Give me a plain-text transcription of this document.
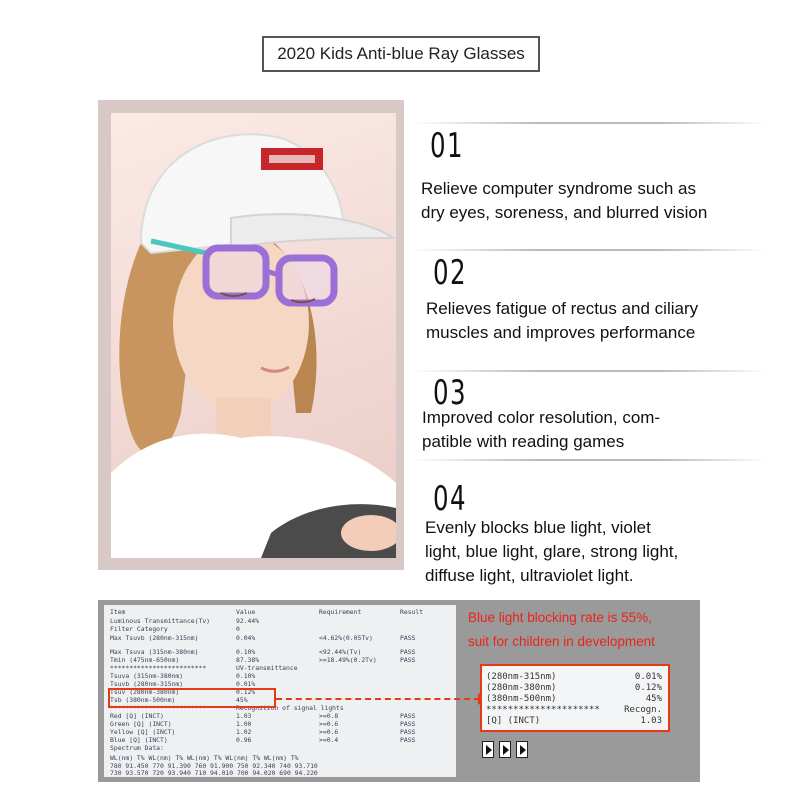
2020 Kids Anti-blue Ray Glasses
01
Relieve computer syndrome such as
dry eyes, soreness, and blurred vision
02
Relieves fatigue of rectus and ciliary
muscles and improves performance
03
Improved color resolution, com-
patible with reading games
04
Evenly blocks blue light, violet
light, blue light, glare, strong light,
diffuse light, ultraviolet light.
Item	Value	Requirement	Result
Luminous Transmittance(Tv)	92.44%
Filter Category	0
Max Tsuvb (280nm-315nm)	0.04%	<4.62%(0.05Tv)	PASS
Max Tsuva (315nm-380nm)	0.10%	<92.44%(Tv)	PASS
Tmin (475nm-650nm)	87.38%	>=18.49%(0.2Tv)	PASS
*************************	UV-transmittance
Tsuva (315nm-380nm)	0.10%
Tsuvb (280nm-315nm)	0.01%
Tsuv (280nm-380nm)	0.12%
Tsb (380nm-500nm)	45%
*************************	Recognition of signal lights
Red [Q] (INCT)	1.03	>=0.8	PASS
Green [Q] (INCT)	1.00	>=0.6	PASS
Yellow [Q] (INCT)	1.02	>=0.6	PASS
Blue [Q] (INCT)	0.96	>=0.4	PASS
Spectrum Data:
WL(nm) T% WL(nm) T% WL(nm) T% WL(nm) T% WL(nm) T%
780 91.450 770 91.390 760 91.900 750 92.340 740 93.710
730 93.570 720 93.940 710 94.010 700 94.020 690 94.220
Blue light blocking rate is 55%,
suit for children in development
(280nm-315nm)	0.01%
(280nm-380nm)	0.12%
(380nm-500nm)	45%
*********************	Recogn.
[Q] (INCT)	1.03
